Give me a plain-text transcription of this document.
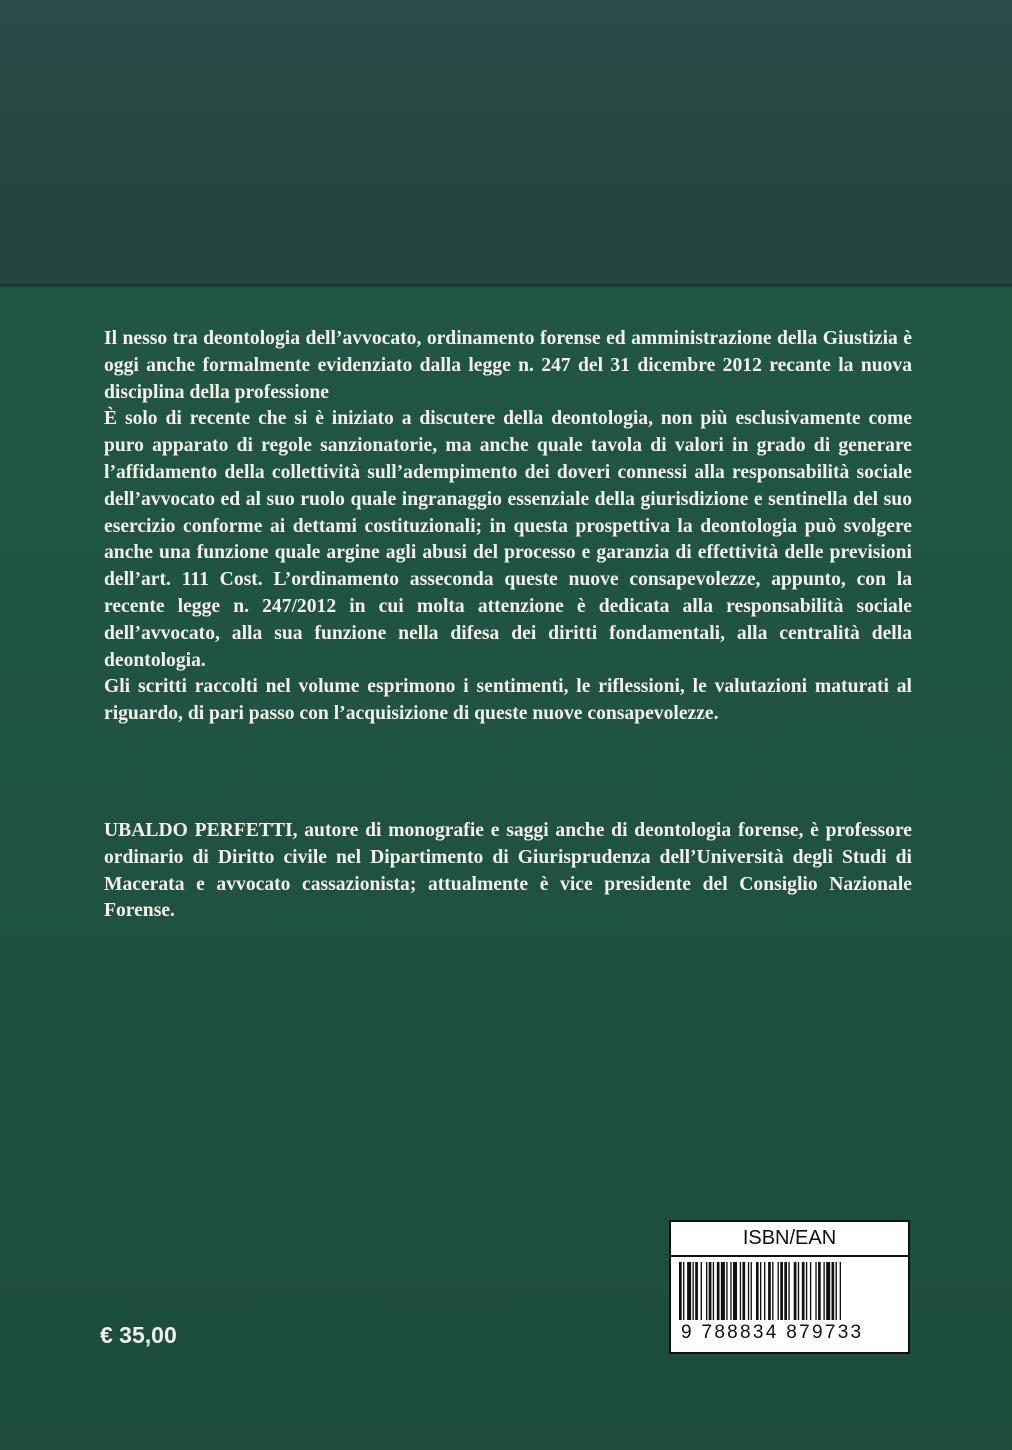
Il nesso tra deontologia dell’avvocato, ordinamento forense ed amministrazione della Giustizia è oggi anche formalmente evidenziato dalla legge n. 247 del 31 dicembre 2012 recante la nuova disciplina della professione

È solo di recente che si è iniziato a discutere della deontologia, non più esclusivamente come puro apparato di regole sanzionatorie, ma anche quale tavola di valori in grado di generare l’affidamento della collettività sull’adempimento dei doveri connessi alla responsabilità sociale dell’avvocato ed al suo ruolo quale ingranaggio essenziale della giurisdizione e sentinella del suo esercizio conforme ai dettami costituzionali; in questa prospettiva la deontologia può svolgere anche una funzione quale argine agli abusi del processo e garanzia di effettività delle previsioni dell’art. 111 Cost. L’ordinamento asseconda queste nuove consapevolezze, appunto, con la recente legge n. 247/2012 in cui molta attenzione è dedicata alla responsabilità sociale dell’avvocato, alla sua funzione nella difesa dei diritti fondamentali, alla centralità della deontologia.

Gli scritti raccolti nel volume esprimono i sentimenti, le riflessioni, le valutazioni maturati al riguardo, di pari passo con l’acquisizione di queste nuove consapevolezze.

UBALDO PERFETTI, autore di monografie e saggi anche di deontologia forense, è professore ordinario di Diritto civile nel Dipartimento di Giurisprudenza dell’Università degli Studi di Macerata e avvocato cassazionista; attualmente è vice presidente del Consiglio Nazionale Forense.
€ 35,00
ISBN/EAN
9 788834 879733
